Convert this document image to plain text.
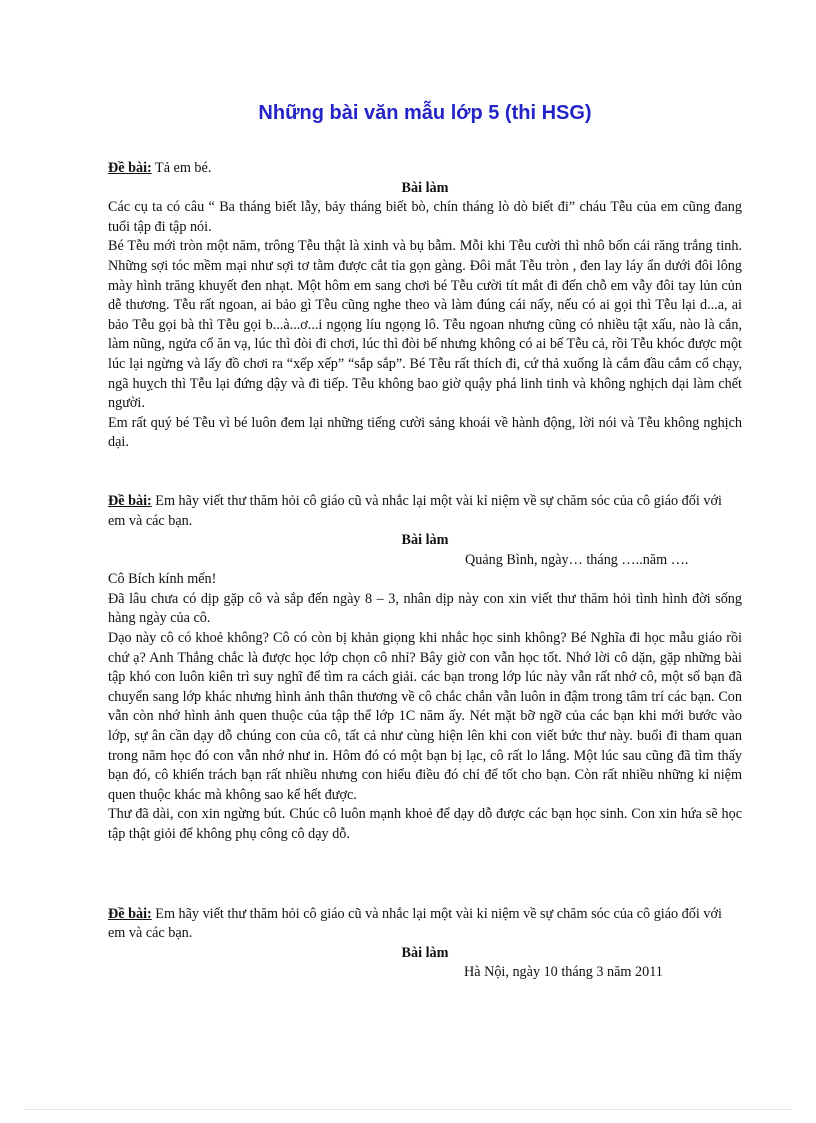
Những bài văn mẫu lớp 5 (thi HSG)

Đề bài: Tả em bé.

Bài làm

Các cụ ta có câu “ Ba tháng biết lẫy, bảy tháng biết bò, chín tháng lò dò biết đi” cháu Tễu của em cũng đang tuổi tập đi tập nói.

Bé Tễu mới tròn một năm, trông Tễu thật là xinh và bụ bẫm. Mỗi khi Tễu cười thì nhô bốn cái răng trắng tinh. Những sợi tóc mềm mại như sợi tơ tằm được cắt tỉa gọn gàng. Đôi mắt Tễu tròn , đen lay láy ẩn dưới đôi lông mày hình trăng khuyết đen nhạt. Một hôm em sang chơi bé Tễu cười tít mắt đi đến chỗ em vẫy đôi tay lủn củn dễ thương. Tễu rất ngoan, ai bảo gì Tễu cũng nghe theo và làm đúng cái nấy, nếu có ai gọi thì Tễu lại d...a, ai bảo Tễu gọi bà thì Tễu gọi b...à...ơ...i ngọng líu ngọng lô. Tễu ngoan nhưng cũng có nhiều tật xấu, nào là cắn, làm nũng, ngửa cổ ăn vạ, lúc thì đòi đi chơi, lúc thì đòi bế nhưng không có ai bế Tễu cả, rồi Tễu khóc được một lúc lại ngừng và lấy đồ chơi ra “xếp xếp” “sắp sắp”. Bé Tễu rất thích đi, cứ thả xuống là cắm đầu cắm cổ chạy, ngã huỵch thì Tễu lại đứng dậy và đi tiếp. Tễu không bao giờ quậy phá linh tinh và không nghịch dại làm chết người.

Em rất quý bé Tễu vì bé luôn đem lại những tiếng cười sảng khoái về hành động, lời nói và Tễu không nghịch dại.

Đề bài: Em hãy viết thư thăm hỏi cô giáo cũ và nhắc lại một vài kỉ niệm về sự chăm sóc của cô giáo đối với em và các bạn.

Bài làm

Quảng Bình, ngày… tháng …..năm ….

Cô Bích kính mến!

Đã lâu chưa có dịp gặp cô và sắp đến ngày 8 – 3, nhân dịp này con xin viết thư thăm hỏi tình hình đời sống hàng ngày của cô.

Dạo này cô có khoẻ không? Cô có còn bị khản giọng khi nhắc học sinh không? Bé Nghĩa đi học mẫu giáo rồi chứ ạ? Anh Thắng chắc là được học lớp chọn cô nhỉ? Bây giờ con vẫn học tốt. Nhớ lời cô dặn, gặp những bài tập khó con luôn kiên trì suy nghĩ để tìm ra cách giải. các bạn trong lớp lúc này vẫn rất nhớ cô, một số bạn đã chuyển sang lớp khác nhưng hình ảnh thân thương về cô chắc chắn vẫn luôn in đậm trong tâm trí các bạn. Con vẫn còn nhớ hình ảnh quen thuộc của tập thể lớp 1C năm ấy. Nét mặt bỡ ngỡ của các bạn khi mới bước vào lớp, sự ân cần dạy dỗ chúng con của cô, tất cả như cùng hiện lên khi con viết bức thư này. buổi đi tham quan trong năm học đó con vẫn nhớ như in. Hôm đó có một bạn bị lạc, cô rất lo lắng. Một lúc sau cũng đã tìm thấy bạn đó, cô khiển trách bạn rất nhiều nhưng con hiểu điều đó chỉ để tốt cho bạn. Còn rất nhiều những kỉ niệm quen thuộc khác mà không sao kể hết được.

Thư đã dài, con xin ngừng bút. Chúc cô luôn mạnh khoẻ để dạy dỗ được các bạn học sinh. Con xin hứa sẽ học tập thật giỏi để không phụ công cô dạy dỗ.

Đề bài: Em hãy viết thư thăm hỏi cô giáo cũ và nhắc lại một vài kỉ niệm về sự chăm sóc của cô giáo đối với em và các bạn.

Bài làm

Hà Nội, ngày 10 tháng 3 năm 2011
